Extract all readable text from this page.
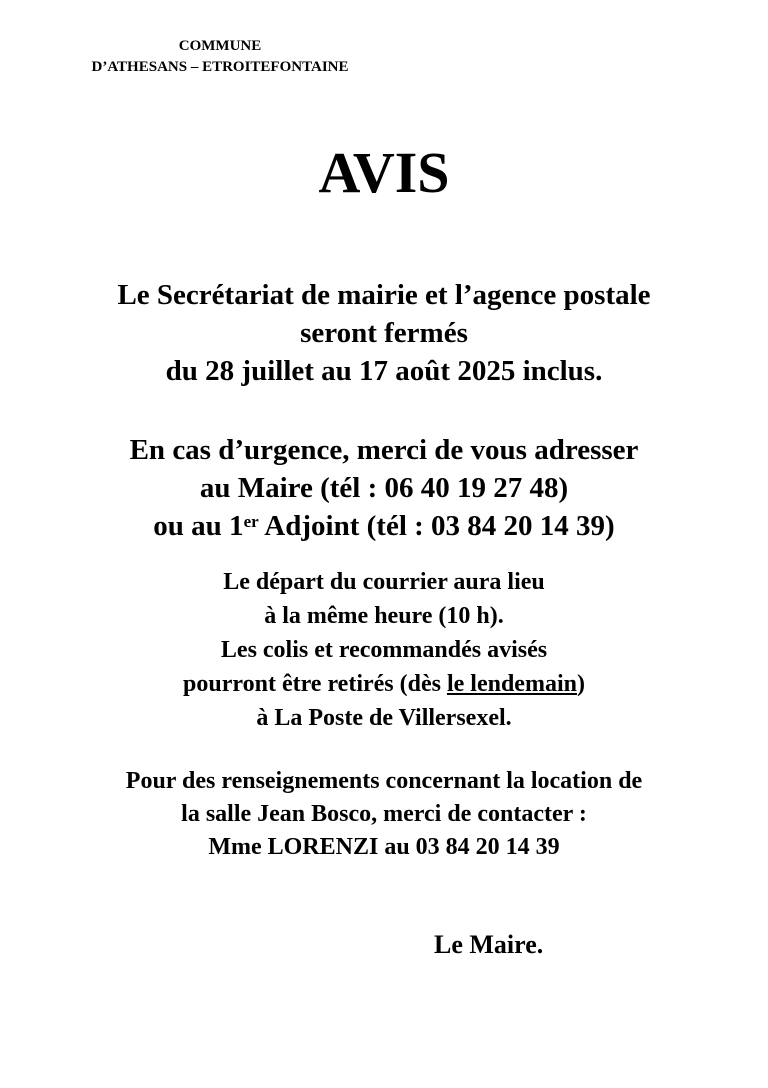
COMMUNE
D’ATHESANS – ETROITEFONTAINE
AVIS

Le Secrétariat de mairie et l’agence postale

seront fermés

du 28 juillet au 17 août 2025 inclus.

En cas d’urgence, merci de vous adresser

au Maire (tél : 06 40 19 27 48)

ou au 1er Adjoint (tél : 03 84 20 14 39)

Le départ du courrier aura lieu

à la même heure (10 h).

Les colis et recommandés avisés

pourront être retirés (dès le lendemain)

à La Poste de Villersexel.

Pour des renseignements concernant la location de

la salle Jean Bosco, merci de contacter :

Mme LORENZI au 03 84 20 14 39

Le Maire.
